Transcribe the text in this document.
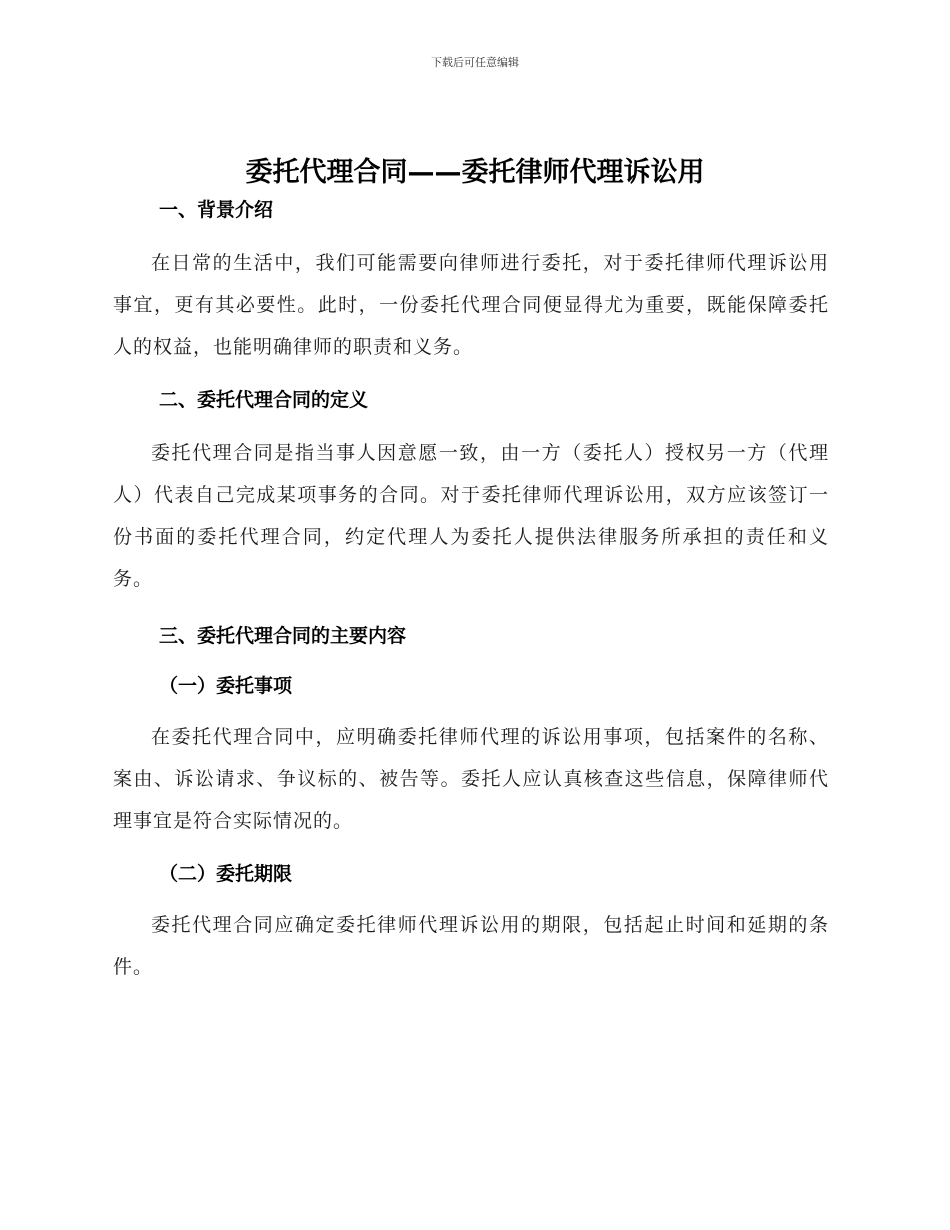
下载后可任意编辑
委托代理合同——委托律师代理诉讼用

一、背景介绍

在日常的生活中，我们可能需要向律师进行委托，对于委托律师代理诉讼用事宜，更有其必要性。此时，一份委托代理合同便显得尤为重要，既能保障委托人的权益，也能明确律师的职责和义务。

二、委托代理合同的定义

委托代理合同是指当事人因意愿一致，由一方（委托人）授权另一方（代理人）代表自己完成某项事务的合同。对于委托律师代理诉讼用，双方应该签订一份书面的委托代理合同，约定代理人为委托人提供法律服务所承担的责任和义务。

三、委托代理合同的主要内容

（一）委托事项

在委托代理合同中，应明确委托律师代理的诉讼用事项，包括案件的名称、案由、诉讼请求、争议标的、被告等。委托人应认真核查这些信息，保障律师代理事宜是符合实际情况的。

（二）委托期限

委托代理合同应确定委托律师代理诉讼用的期限，包括起止时间和延期的条件。
